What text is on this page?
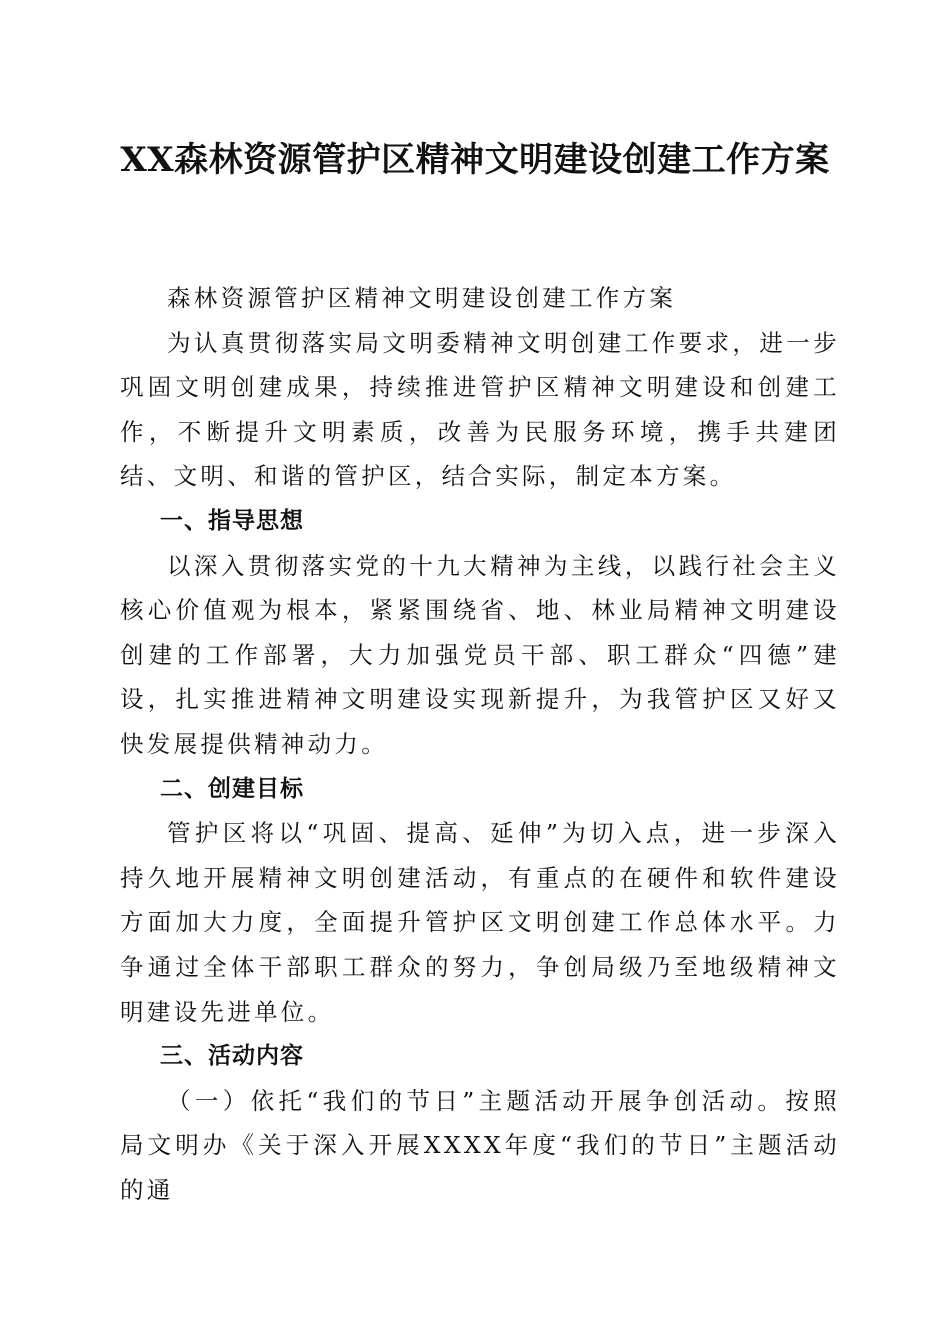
XX森林资源管护区精神文明建设创建工作方案

森林资源管护区精神文明建设创建工作方案

为认真贯彻落实局文明委精神文明创建工作要求，进一步巩固文明创建成果，持续推进管护区精神文明建设和创建工作，不断提升文明素质，改善为民服务环境，携手共建团结、文明、和谐的管护区，结合实际，制定本方案。

一、指导思想

以深入贯彻落实党的十九大精神为主线，以践行社会主义核心价值观为根本，紧紧围绕省、地、林业局精神文明建设创建的工作部署，大力加强党员干部、职工群众“四德”建设，扎实推进精神文明建设实现新提升，为我管护区又好又快发展提供精神动力。

二、创建目标

管护区将以“巩固、提高、延伸”为切入点，进一步深入持久地开展精神文明创建活动，有重点的在硬件和软件建设方面加大力度，全面提升管护区文明创建工作总体水平。力争通过全体干部职工群众的努力，争创局级乃至地级精神文明建设先进单位。

三、活动内容

（一）依托“我们的节日”主题活动开展争创活动。按照局文明办《关于深入开展XXXX年度“我们的节日”主题活动的通
